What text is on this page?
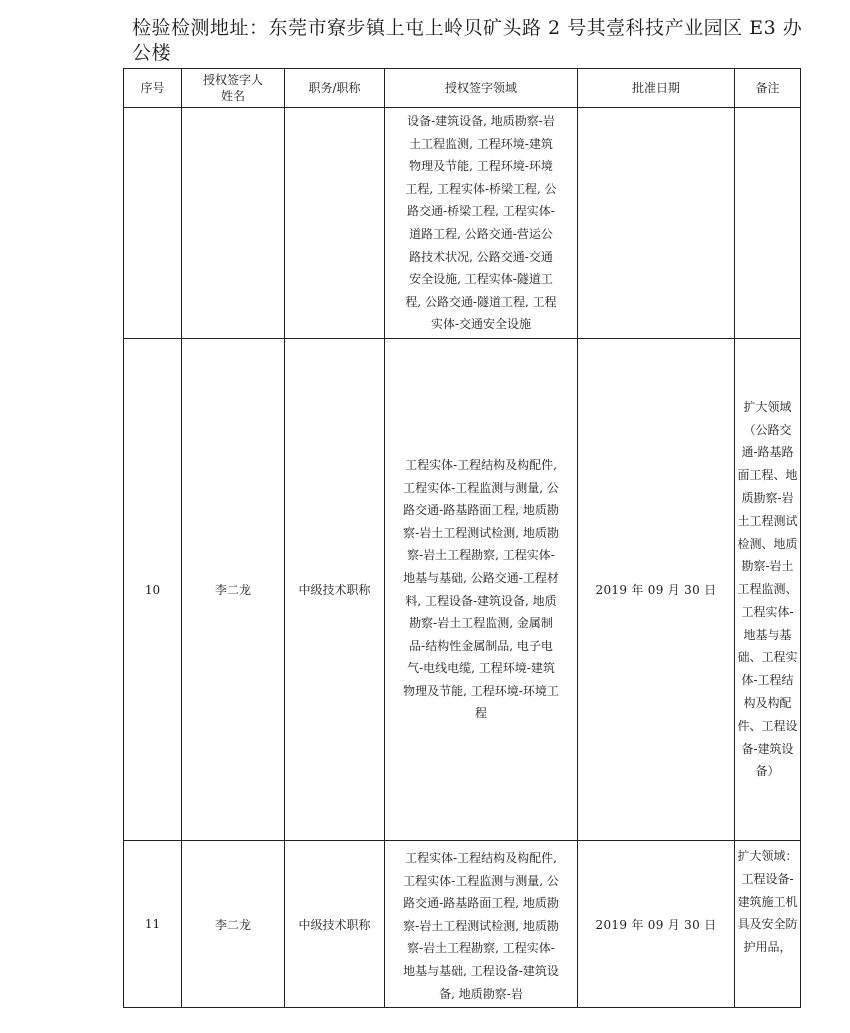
检验检测地址：东莞市寮步镇上屯上岭贝矿头路 2 号其壹科技产业园区 E3 办公楼
序号	授权签字人姓名	职务/职称	授权签字领域	批准日期	备注

			设备-建筑设备, 地质勘察-岩土工程监测, 工程环境-建筑物理及节能, 工程环境-环境工程, 工程实体-桥梁工程, 公路交通-桥梁工程, 工程实体-道路工程, 公路交通-营运公路技术状况, 公路交通-交通安全设施, 工程实体-隧道工程, 公路交通-隧道工程, 工程实体-交通安全设施		

10	李二龙	中级技术职称	工程实体-工程结构及构配件, 工程实体-工程监测与测量, 公路交通-路基路面工程, 地质勘察-岩土工程测试检测, 地质勘察-岩土工程勘察, 工程实体-地基与基础, 公路交通-工程材料, 工程设备-建筑设备, 地质勘察-岩土工程监测, 金属制品-结构性金属制品, 电子电气-电线电缆, 工程环境-建筑物理及节能, 工程环境-环境工程	2019 年 09 月 30 日	扩大领域（公路交通-路基路面工程、地质勘察-岩土工程测试检测、地质勘察-岩土工程监测、工程实体-地基与基础、工程实体-工程结构及构配件、工程设备-建筑设备）

11	李二龙	中级技术职称	工程实体-工程结构及构配件, 工程实体-工程监测与测量, 公路交通-路基路面工程, 地质勘察-岩土工程测试检测, 地质勘察-岩土工程勘察, 工程实体-地基与基础, 工程设备-建筑设备, 地质勘察-岩	2019 年 09 月 30 日	扩大领域：工程设备-建筑施工机具及安全防护用品，
